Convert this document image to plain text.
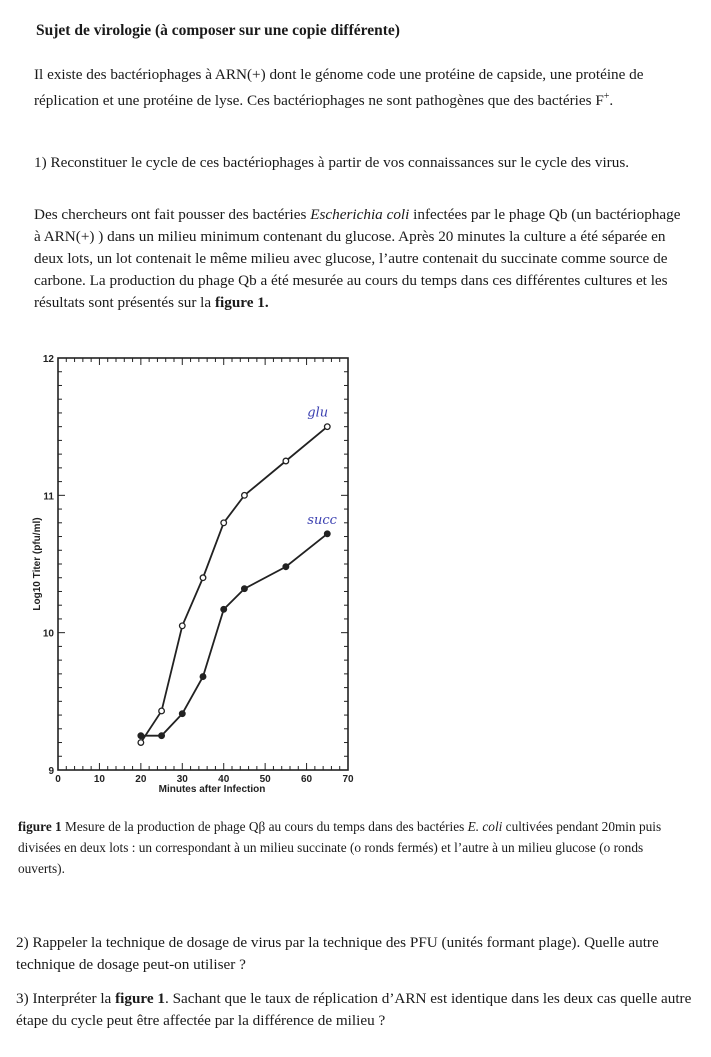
Sujet de virologie (à composer sur une copie différente)
Il existe des bactériophages à ARN(+) dont le génome code une protéine de capside, une protéine de réplication et une protéine de lyse. Ces bactériophages ne sont pathogènes que des bactéries F+.
1) Reconstituer le cycle de ces bactériophages à partir de vos connaissances sur le cycle des virus.
Des chercheurs ont fait pousser des bactéries Escherichia coli infectées par le phage Qb (un bactériophage à ARN(+) ) dans un milieu minimum contenant du glucose. Après 20 minutes la culture a été séparée en deux lots, un lot contenait le même milieu avec glucose, l’autre contenait du succinate comme source de carbone. La production du phage Qb a été mesurée au cours du temps dans ces différentes cultures et les résultats sont présentés sur la figure 1.
0	10	20	30	40	50	60	70
9
10
11
12
Minutes after Infection
Log10 Titer (pfu/ml)
glu
succ
figure 1 Mesure de la production de phage Qβ au cours du temps dans des bactéries E. coli cultivées pendant 20min puis divisées en deux lots : un correspondant à un milieu succinate (o ronds fermés) et l’autre à un milieu glucose (o ronds ouverts).
2) Rappeler la technique de dosage de virus par la technique des PFU (unités formant plage). Quelle autre technique de dosage peut-on utiliser ?
3) Interpréter la figure 1. Sachant que le taux de réplication d’ARN est identique dans les deux cas quelle autre étape du cycle peut être affectée par la différence de milieu ?
